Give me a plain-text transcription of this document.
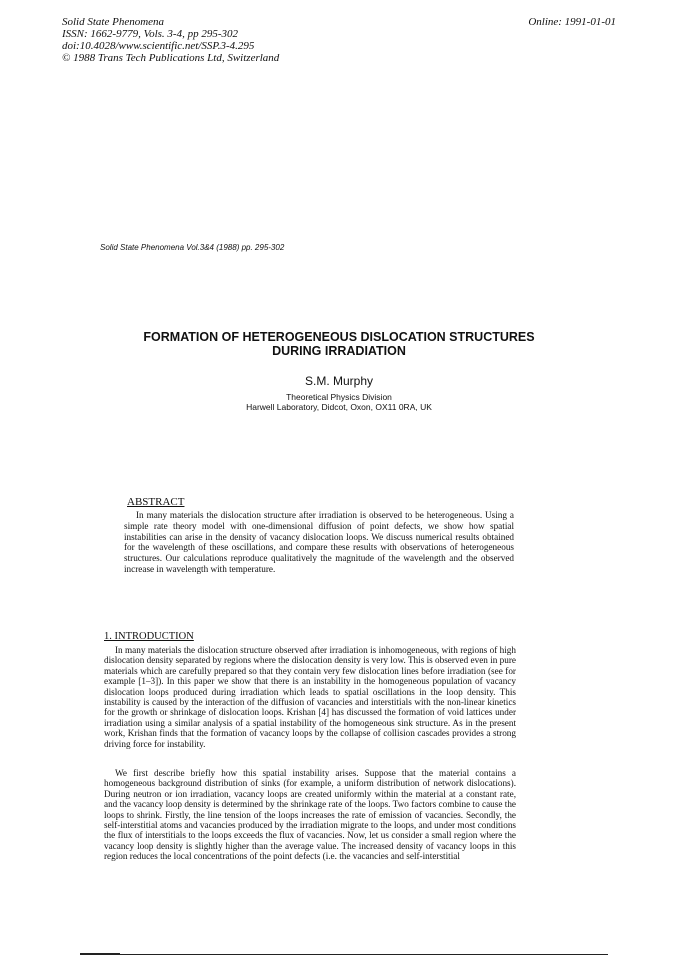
Solid State Phenomena
ISSN: 1662-9779, Vols. 3-4, pp 295-302
doi:10.4028/www.scientific.net/SSP.3-4.295
© 1988 Trans Tech Publications Ltd, Switzerland
Online: 1991-01-01
Solid State Phenomena Vol.3&4 (1988) pp. 295-302
FORMATION OF HETEROGENEOUS DISLOCATION STRUCTURES
DURING IRRADIATION
S.M. Murphy
Theoretical Physics Division
Harwell Laboratory, Didcot, Oxon, OX11 0RA, UK
ABSTRACT

In many materials the dislocation structure after irradiation is observed to be heterogeneous. Using a simple rate theory model with one-dimensional diffusion of point defects, we show how spatial instabilities can arise in the density of vacancy dislocation loops. We discuss numerical results obtained for the wavelength of these oscillations, and compare these results with observations of heterogeneous structures. Our calculations reproduce qualitatively the magnitude of the wavelength and the observed increase in wavelength with temperature.

1. INTRODUCTION

In many materials the dislocation structure observed after irradiation is inhomogeneous, with regions of high dislocation density separated by regions where the dislocation density is very low. This is observed even in pure materials which are carefully prepared so that they contain very few dislocation lines before irradiation (see for example [1–3]). In this paper we show that there is an instability in the homogeneous population of vacancy dislocation loops produced during irradiation which leads to spatial oscillations in the loop density. This instability is caused by the interaction of the diffusion of vacancies and interstitials with the non-linear kinetics for the growth or shrinkage of dislocation loops. Krishan [4] has discussed the formation of void lattices under irradiation using a similar analysis of a spatial instability of the homogeneous sink structure. As in the present work, Krishan finds that the formation of vacancy loops by the collapse of collision cascades provides a strong driving force for instability.

We first describe briefly how this spatial instability arises. Suppose that the material contains a homogeneous background distribution of sinks (for example, a uniform distribution of network dislocations). During neutron or ion irradiation, vacancy loops are created uniformly within the material at a constant rate, and the vacancy loop density is determined by the shrinkage rate of the loops. Two factors combine to cause the loops to shrink. Firstly, the line tension of the loops increases the rate of emission of vacancies. Secondly, the self-interstitial atoms and vacancies produced by the irradiation migrate to the loops, and under most conditions the flux of interstitials to the loops exceeds the flux of vacancies. Now, let us consider a small region where the vacancy loop density is slightly higher than the average value. The increased density of vacancy loops in this region reduces the local concentrations of the point defects (i.e. the vacancies and self-interstitial
